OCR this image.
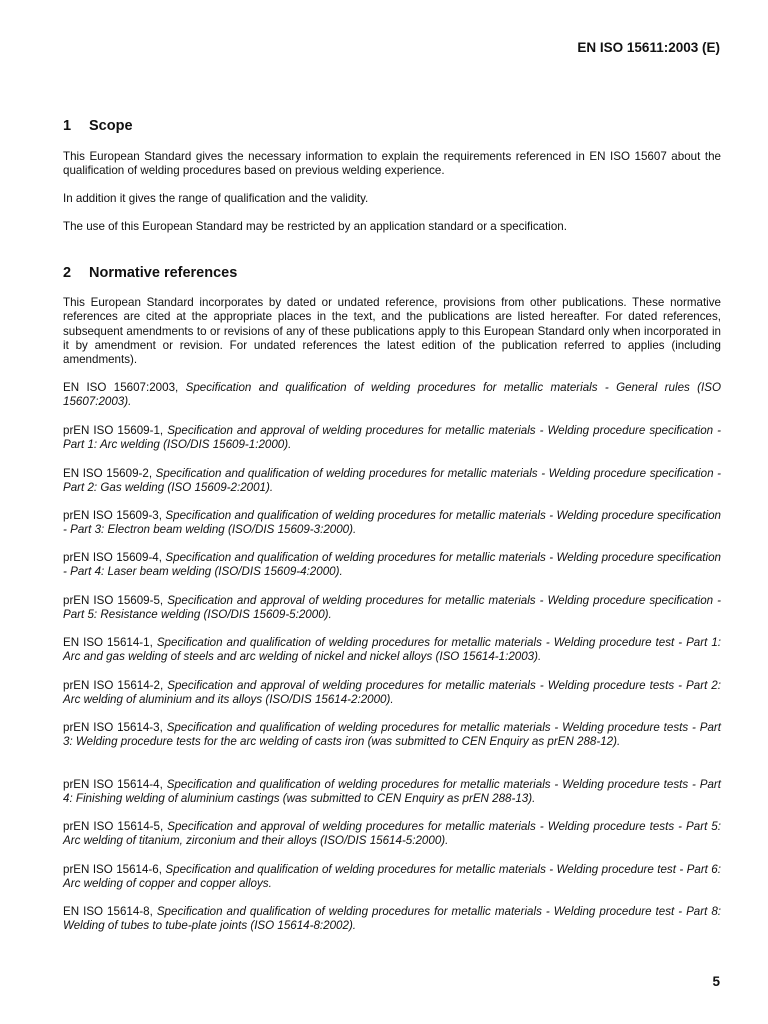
EN ISO 15611:2003 (E)
1 Scope

This European Standard gives the necessary information to explain the requirements referenced in EN ISO 15607 about the qualification of welding procedures based on previous welding experience.

In addition it gives the range of qualification and the validity.

The use of this European Standard may be restricted by an application standard or a specification.

2 Normative references

This European Standard incorporates by dated or undated reference, provisions from other publications. These normative references are cited at the appropriate places in the text, and the publications are listed hereafter. For dated references, subsequent amendments to or revisions of any of these publications apply to this European Standard only when incorporated in it by amendment or revision. For undated references the latest edition of the publication referred to applies (including amendments).

EN ISO 15607:2003, Specification and qualification of welding procedures for metallic materials - General rules (ISO 15607:2003).

prEN ISO 15609-1, Specification and approval of welding procedures for metallic materials - Welding procedure specification - Part 1: Arc welding (ISO/DIS 15609-1:2000).

EN ISO 15609-2, Specification and qualification of welding procedures for metallic materials - Welding procedure specification - Part 2: Gas welding (ISO 15609-2:2001).

prEN ISO 15609-3, Specification and qualification of welding procedures for metallic materials - Welding procedure specification - Part 3: Electron beam welding (ISO/DIS 15609-3:2000).

prEN ISO 15609-4, Specification and qualification of welding procedures for metallic materials - Welding procedure specification - Part 4: Laser beam welding (ISO/DIS 15609-4:2000).

prEN ISO 15609-5, Specification and approval of welding procedures for metallic materials - Welding procedure specification - Part 5: Resistance welding (ISO/DIS 15609-5:2000).

EN ISO 15614-1, Specification and qualification of welding procedures for metallic materials - Welding procedure test - Part 1: Arc and gas welding of steels and arc welding of nickel and nickel alloys (ISO 15614-1:2003).

prEN ISO 15614-2, Specification and approval of welding procedures for metallic materials - Welding procedure tests - Part 2: Arc welding of aluminium and its alloys (ISO/DIS 15614-2:2000).

prEN ISO 15614-3, Specification and qualification of welding procedures for metallic materials - Welding procedure tests - Part 3: Welding procedure tests for the arc welding of casts iron (was submitted to CEN Enquiry as prEN 288-12).

prEN ISO 15614-4, Specification and qualification of welding procedures for metallic materials - Welding procedure tests - Part 4: Finishing welding of aluminium castings (was submitted to CEN Enquiry as prEN 288-13).

prEN ISO 15614-5, Specification and approval of welding procedures for metallic materials - Welding procedure tests - Part 5: Arc welding of titanium, zirconium and their alloys (ISO/DIS 15614-5:2000).

prEN ISO 15614-6, Specification and qualification of welding procedures for metallic materials - Welding procedure test - Part 6: Arc welding of copper and copper alloys.

EN ISO 15614-8, Specification and qualification of welding procedures for metallic materials - Welding procedure test - Part 8: Welding of tubes to tube-plate joints (ISO 15614-8:2002).

5
